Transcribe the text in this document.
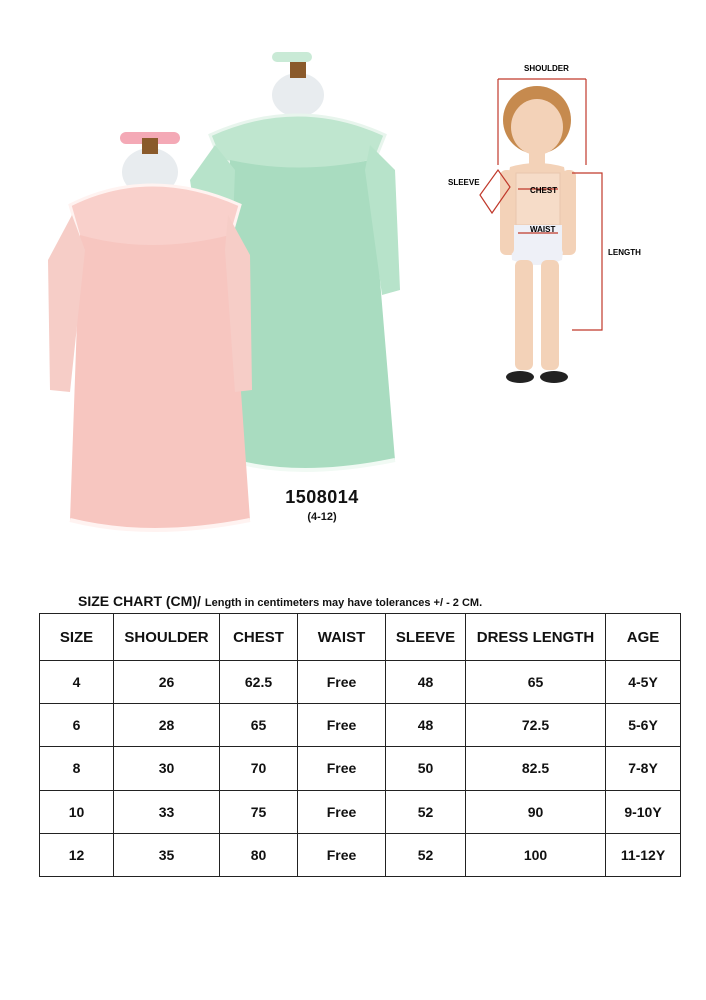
SHOULDER
SLEEVE
CHEST
WAIST
LENGTH
1508014
(4-12)
SIZE CHART (CM)/ Length in centimeters may have tolerances +/ - 2 CM.
SIZE	SHOULDER	CHEST	WAIST	SLEEVE	DRESS LENGTH	AGE
4	26	62.5	Free	48	65	4-5Y
6	28	65	Free	48	72.5	5-6Y
8	30	70	Free	50	82.5	7-8Y
10	33	75	Free	52	90	9-10Y
12	35	80	Free	52	100	11-12Y
